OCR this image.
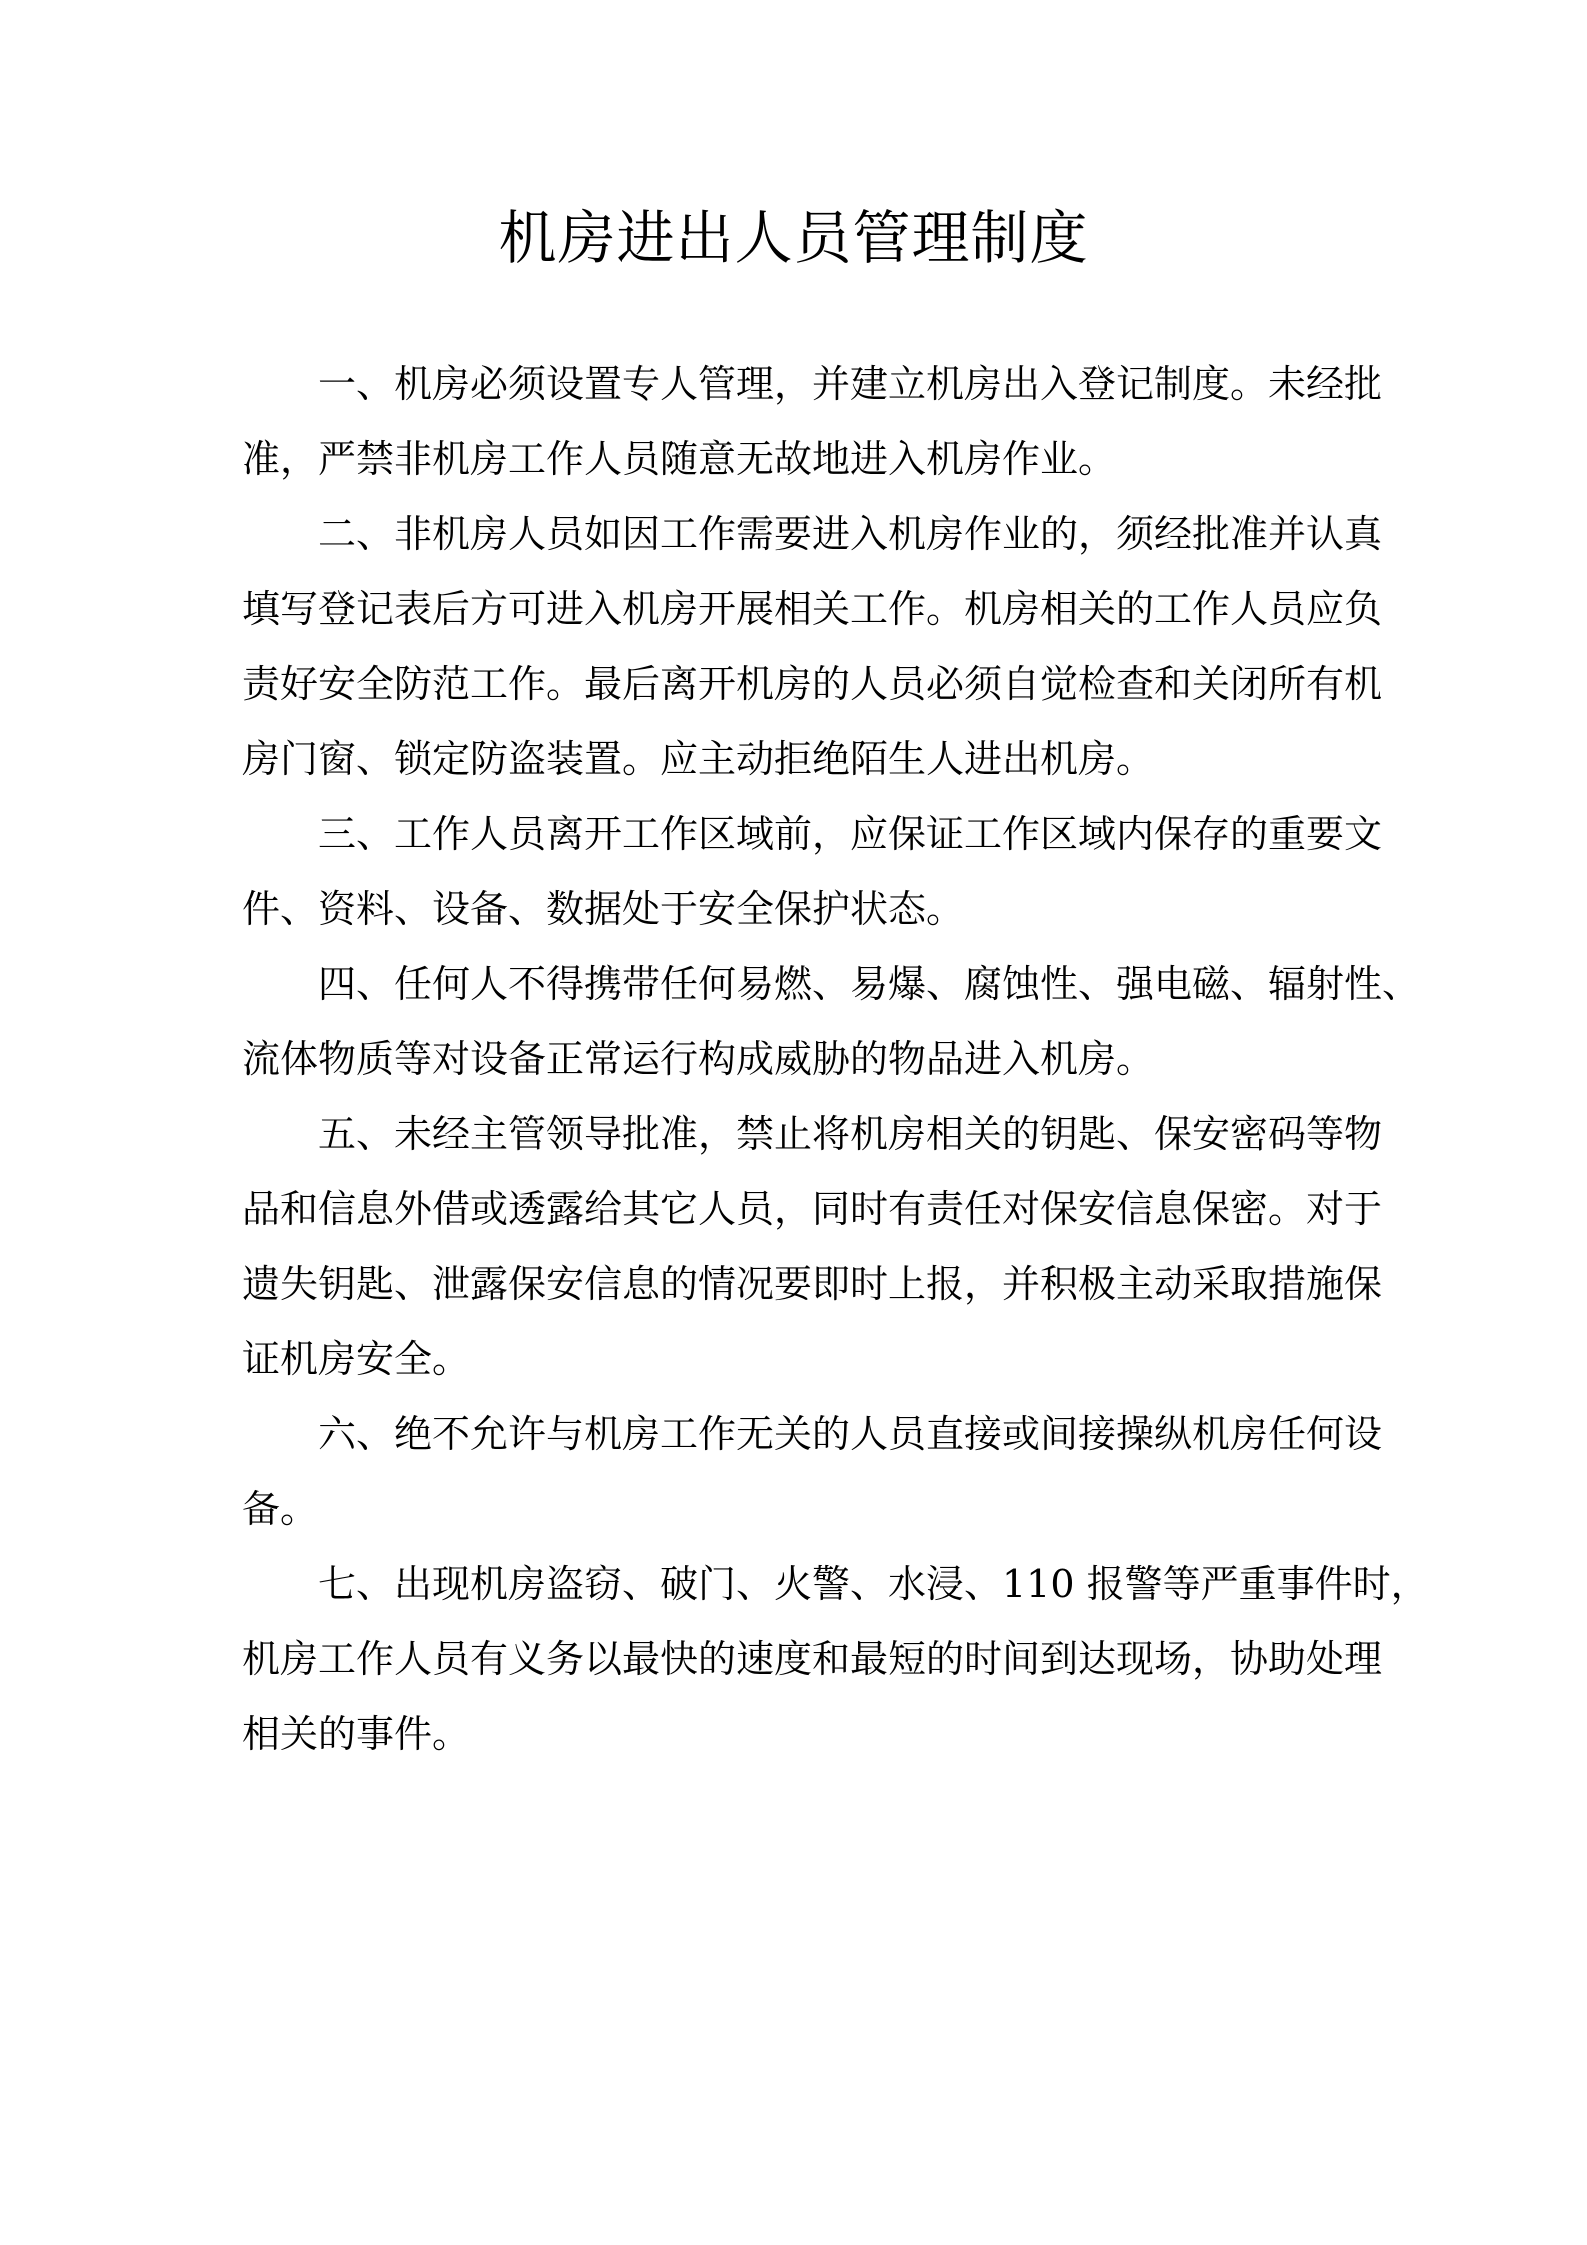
机房进出人员管理制度
一、机房必须设置专人管理，并建立机房出入登记制度。未经批
准，严禁非机房工作人员随意无故地进入机房作业。
二、非机房人员如因工作需要进入机房作业的，须经批准并认真
填写登记表后方可进入机房开展相关工作。机房相关的工作人员应负
责好安全防范工作。最后离开机房的人员必须自觉检查和关闭所有机
房门窗、锁定防盗装置。应主动拒绝陌生人进出机房。
三、工作人员离开工作区域前，应保证工作区域内保存的重要文
件、资料、设备、数据处于安全保护状态。
四、任何人不得携带任何易燃、易爆、腐蚀性、强电磁、辐射性、
流体物质等对设备正常运行构成威胁的物品进入机房。
五、未经主管领导批准，禁止将机房相关的钥匙、保安密码等物
品和信息外借或透露给其它人员，同时有责任对保安信息保密。对于
遗失钥匙、泄露保安信息的情况要即时上报，并积极主动采取措施保
证机房安全。
六、绝不允许与机房工作无关的人员直接或间接操纵机房任何设
备。
七、出现机房盗窃、破门、火警、水浸、110 报警等严重事件时，
机房工作人员有义务以最快的速度和最短的时间到达现场，协助处理
相关的事件。
